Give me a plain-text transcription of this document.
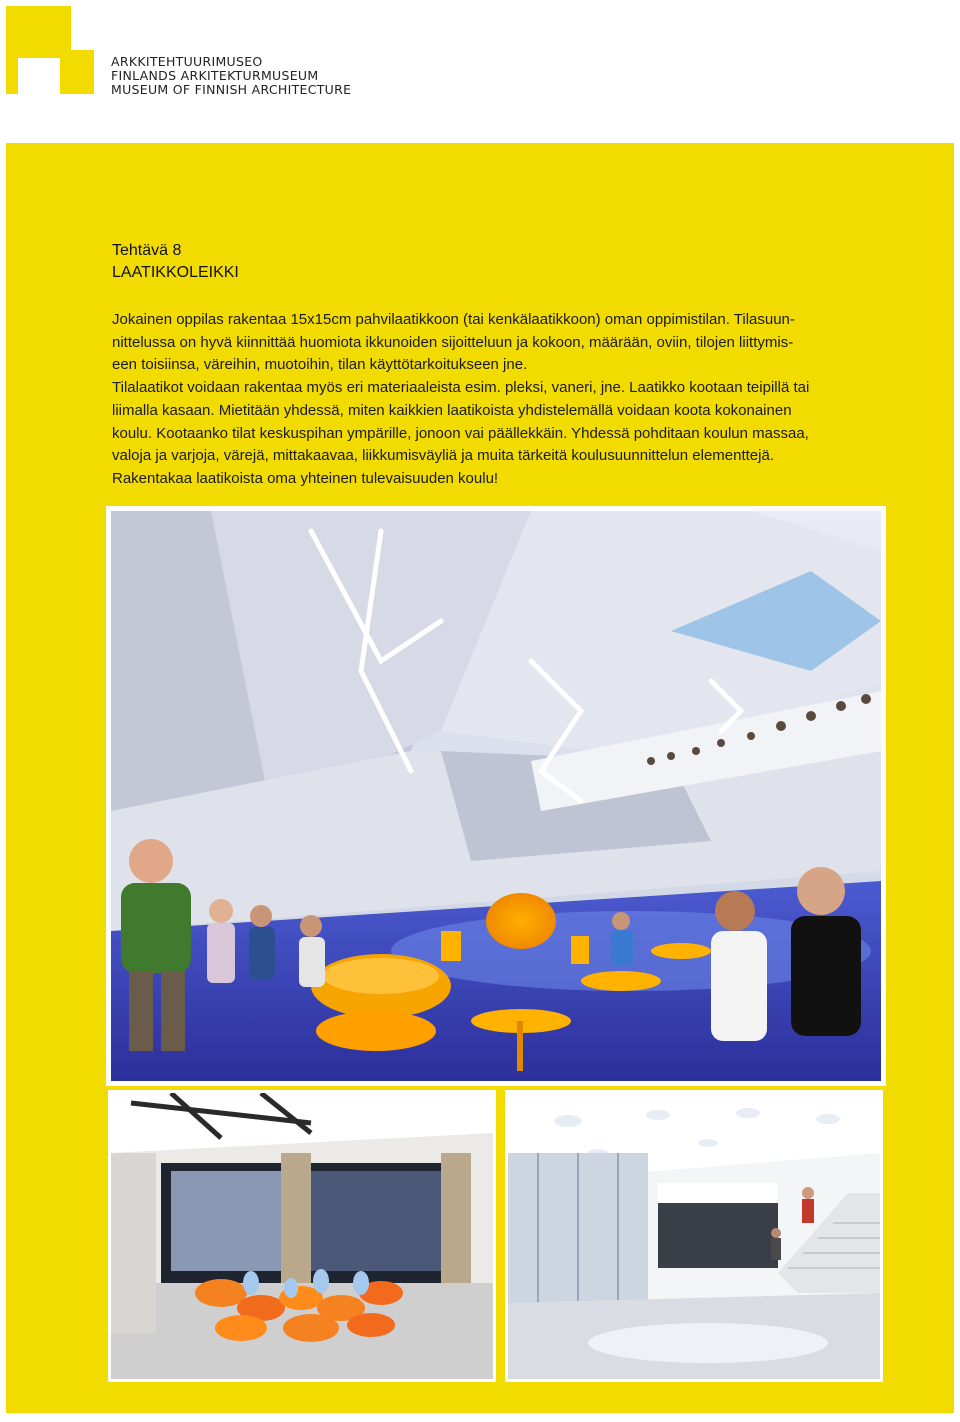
ARKKITEHTUURIMUSEO
FINLANDS ARKITEKTURMUSEUM
MUSEUM OF FINNISH ARCHITECTURE
Tehtävä 8
LAATIKKOLEIKKI

Jokainen oppilas rakentaa 15x15cm pahvilaatikkoon (tai kenkälaatikkoon) oman oppimistilan. Tilasuun-

nittelussa on hyvä kiinnittää huomiota ikkunoiden sijoitteluun ja kokoon, määrään, oviin, tilojen liittymis-

een toisiinsa, väreihin, muotoihin, tilan käyttötarkoitukseen jne.

Tilalaatikot voidaan rakentaa myös eri materiaaleista esim. pleksi, vaneri, jne. Laatikko kootaan teipillä tai

liimalla kasaan. Mietitään yhdessä, miten kaikkien laatikoista yhdistelemällä voidaan koota kokonainen

koulu. Kootaanko tilat keskuspihan ympärille, jonoon vai päällekkäin. Yhdessä pohditaan koulun massaa,

valoja ja varjoja, värejä, mittakaavaa, liikkumisväyliä ja muita tärkeitä koulusuunnittelun elementtejä.

Rakentakaa laatikoista oma yhteinen tulevaisuuden koulu!
